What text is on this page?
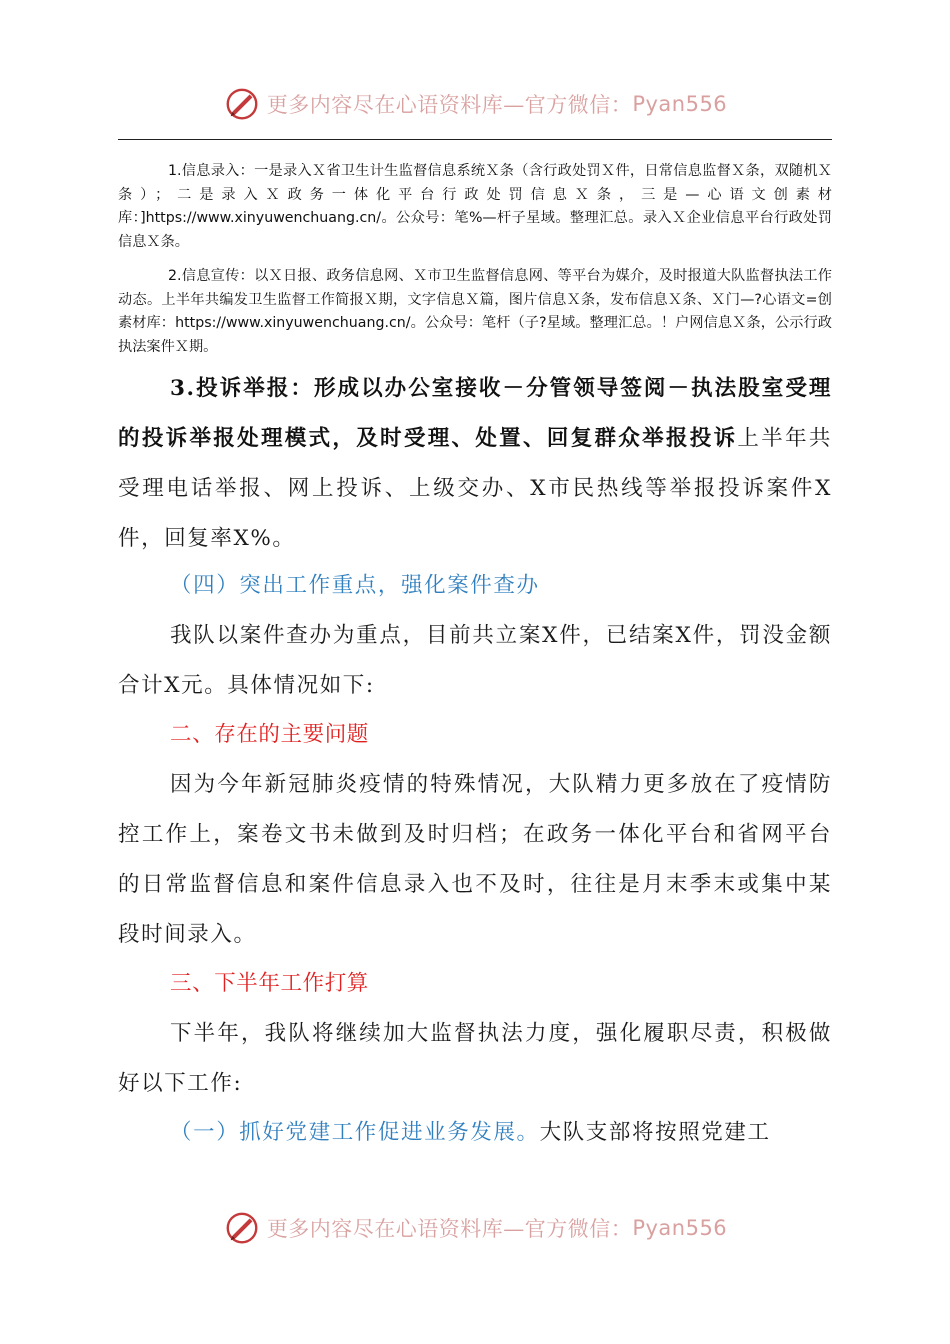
更多内容尽在心语资料库—官方微信： Pyan556

1.信息录入：一是录入Ｘ省卫生计生监督信息系统Ｘ条（含行政处罚Ｘ件，日常信息监督Ｘ条，双随机Ｘ条）；二是录入Ｘ政务一体化平台行政处罚信息Ｘ条，三是—心语文创素材库：]https://www.xinyuwenchuang.cn/。公众号：笔%—杆子星域。整理汇总。录入Ｘ企业信息平台行政处罚信息Ｘ条。

2.信息宣传：以Ｘ日报、政务信息网、Ｘ市卫生监督信息网、等平台为媒介，及时报道大队监督执法工作动态。上半年共编发卫生监督工作简报Ｘ期，文字信息Ｘ篇，图片信息Ｘ条，发布信息Ｘ条、Ｘ门—?心语文=创素材库：https://www.xinyuwenchuang.cn/。公众号：笔杆（子?星域。整理汇总。！户网信息Ｘ条，公示行政执法案件Ｘ期。

3.投诉举报：形成以办公室接收－分管领导签阅－执法股室受理的投诉举报处理模式，及时受理、处置、回复群众举报投诉上半年共受理电话举报、网上投诉、上级交办、X市民热线等举报投诉案件X件，回复率X%。

（四）突出工作重点，强化案件查办

我队以案件查办为重点，目前共立案X件，已结案X件，罚没金额合计X元。具体情况如下:

二、存在的主要问题

因为今年新冠肺炎疫情的特殊情况，大队精力更多放在了疫情防控工作上，案卷文书未做到及时归档；在政务一体化平台和省网平台的日常监督信息和案件信息录入也不及时，往往是月末季末或集中某段时间录入。

三、下半年工作打算

下半年，我队将继续加大监督执法力度，强化履职尽责，积极做好以下工作:

（一）抓好党建工作促进业务发展。大队支部将按照党建工
更多内容尽在心语资料库—官方微信： Pyan556
